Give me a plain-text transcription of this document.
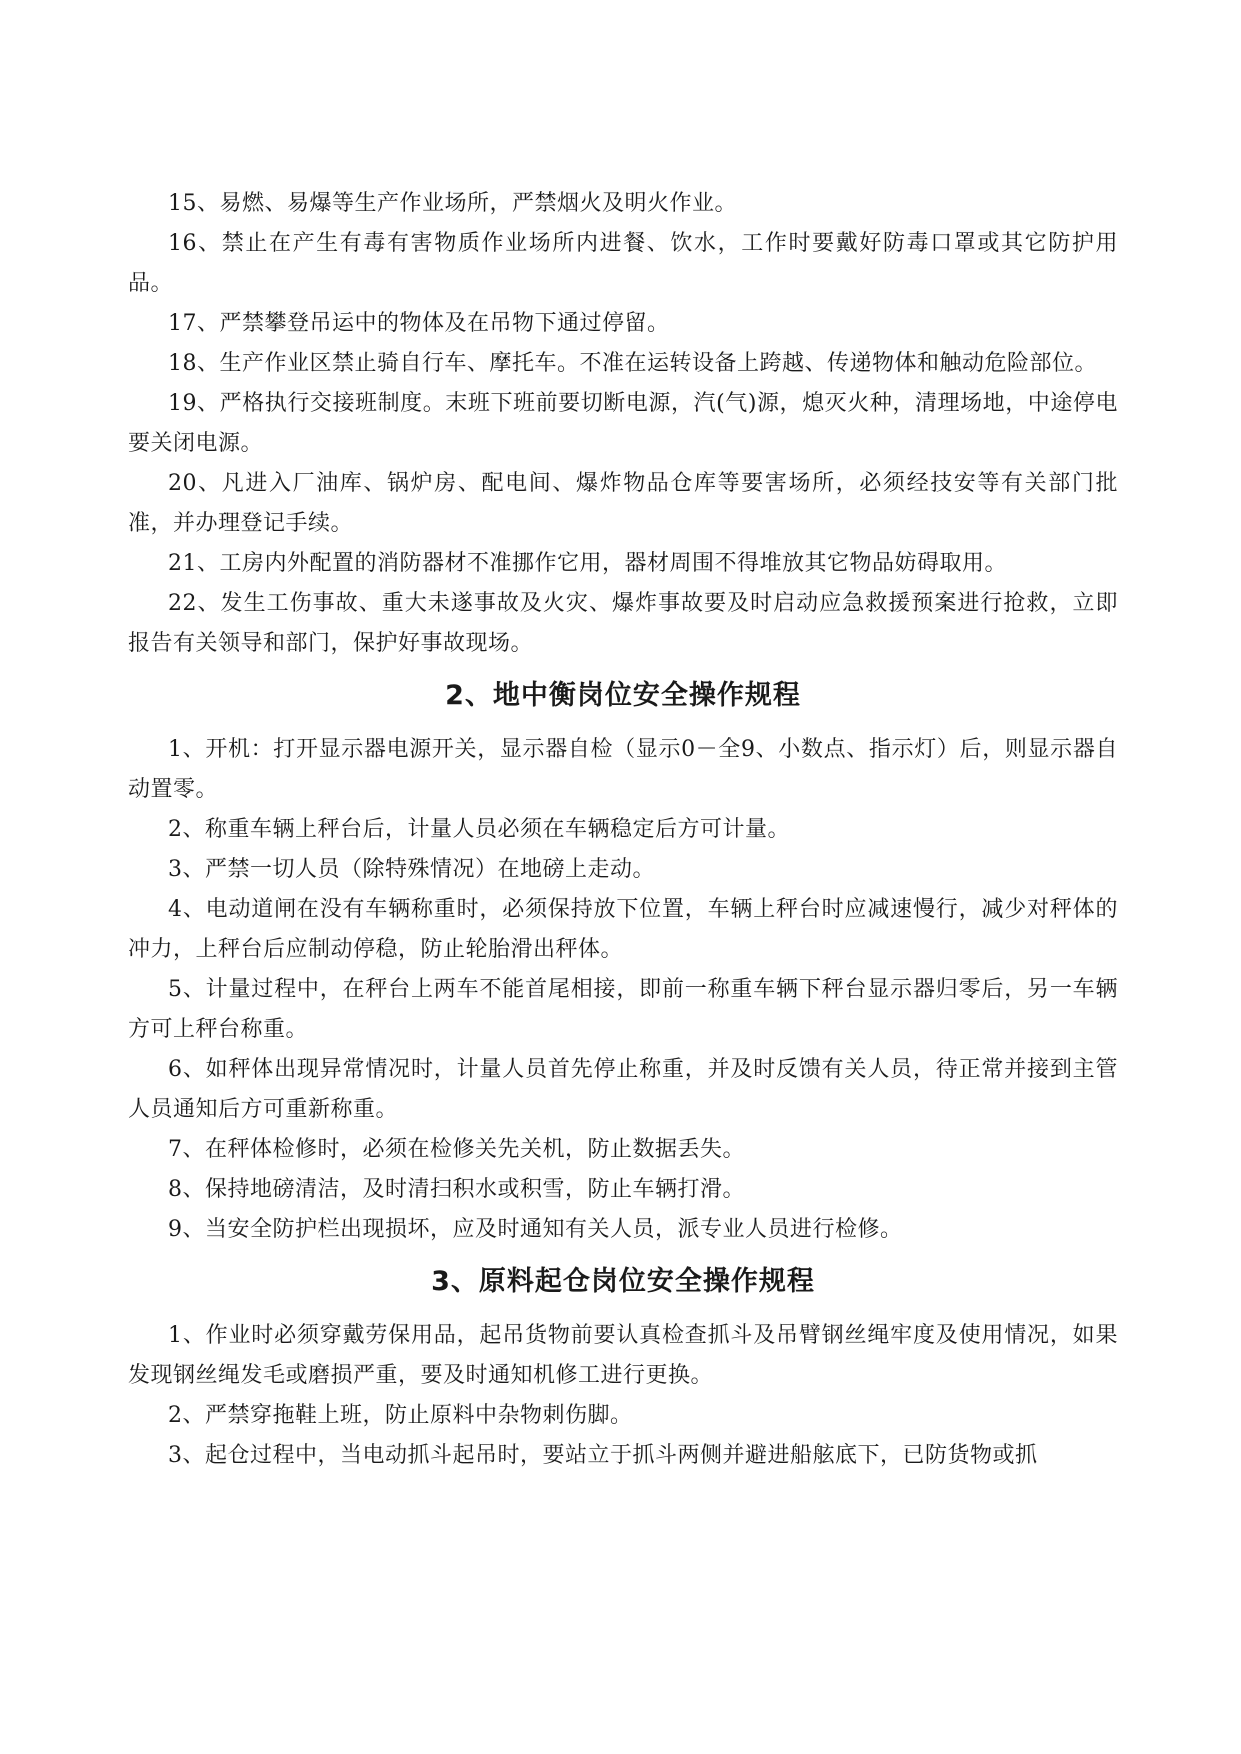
15、易燃、易爆等生产作业场所，严禁烟火及明火作业。

16、禁止在产生有毒有害物质作业场所内进餐、饮水，工作时要戴好防毒口罩或其它防护用品。

17、严禁攀登吊运中的物体及在吊物下通过停留。

18、生产作业区禁止骑自行车、摩托车。不准在运转设备上跨越、传递物体和触动危险部位。

19、严格执行交接班制度。末班下班前要切断电源，汽(气)源，熄灭火种，清理场地，中途停电要关闭电源。

20、凡进入厂油库、锅炉房、配电间、爆炸物品仓库等要害场所，必须经技安等有关部门批准，并办理登记手续。

21、工房内外配置的消防器材不准挪作它用，器材周围不得堆放其它物品妨碍取用。

22、发生工伤事故、重大未遂事故及火灾、爆炸事故要及时启动应急救援预案进行抢救，立即报告有关领导和部门，保护好事故现场。

2、地中衡岗位安全操作规程

1、开机：打开显示器电源开关，显示器自检（显示0－全9、小数点、指示灯）后，则显示器自动置零。

2、称重车辆上秤台后，计量人员必须在车辆稳定后方可计量。

3、严禁一切人员（除特殊情况）在地磅上走动。

4、电动道闸在没有车辆称重时，必须保持放下位置，车辆上秤台时应减速慢行，减少对秤体的冲力，上秤台后应制动停稳，防止轮胎滑出秤体。

5、计量过程中，在秤台上两车不能首尾相接，即前一称重车辆下秤台显示器归零后，另一车辆方可上秤台称重。

6、如秤体出现异常情况时，计量人员首先停止称重，并及时反馈有关人员，待正常并接到主管人员通知后方可重新称重。

7、在秤体检修时，必须在检修关先关机，防止数据丢失。

8、保持地磅清洁，及时清扫积水或积雪，防止车辆打滑。

9、当安全防护栏出现损坏，应及时通知有关人员，派专业人员进行检修。

3、原料起仓岗位安全操作规程

1、作业时必须穿戴劳保用品，起吊货物前要认真检查抓斗及吊臂钢丝绳牢度及使用情况，如果发现钢丝绳发毛或磨损严重，要及时通知机修工进行更换。

2、严禁穿拖鞋上班，防止原料中杂物刺伤脚。

3、起仓过程中，当电动抓斗起吊时，要站立于抓斗两侧并避进船舷底下，已防货物或抓
